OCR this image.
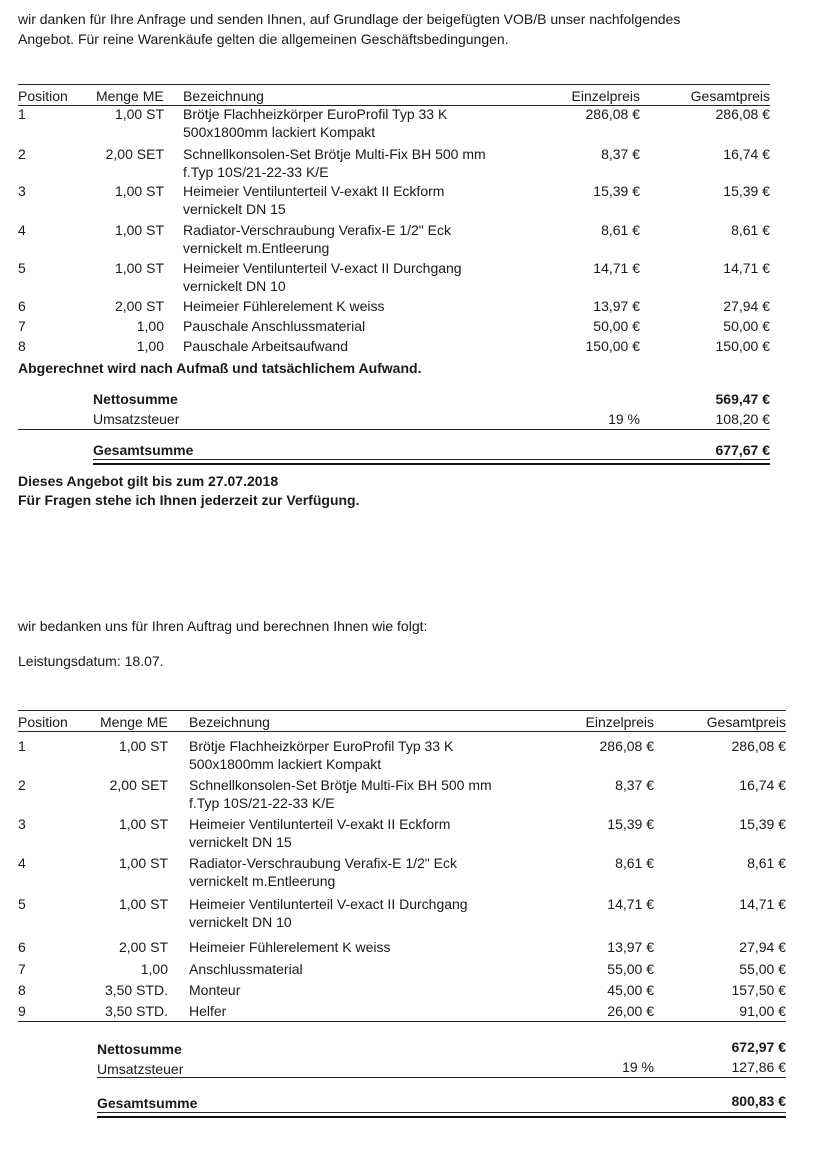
wir danken für Ihre Anfrage und senden Ihnen, auf Grundlage der beigefügten VOB/B unser nachfolgendes
Angebot. Für reine Warenkäufe gelten die allgemeinen Geschäftsbedingungen.
Position Menge ME Bezeichnung	Einzelpreis	Gesamtpreis
1	1,00 ST Brötje Flachheizkörper EuroProfil Typ 33 K
500x1800mm lackiert Kompakt
286,08 €	286,08 €
2	2,00 SET Schnellkonsolen-Set Brötje Multi-Fix BH 500 mm
f.Typ 10S/21-22-33 K/E
8,37 €	16,74 €
3	1,00 ST Heimeier Ventilunterteil V-exakt II Eckform
vernickelt DN 15
15,39 €	15,39 €
4	1,00 ST Radiator-Verschraubung Verafix-E 1/2" Eck
vernickelt m.Entleerung
8,61 €	8,61 €
5	1,00 ST Heimeier Ventilunterteil V-exact II Durchgang
vernickelt DN 10
14,71 €	14,71 €
6	2,00 ST Heimeier Fühlerelement K weiss	13,97 €	27,94 €
7	1,00 Pauschale Anschlussmaterial	50,00 €	50,00 €
8	1,00 Pauschale Arbeitsaufwand	150,00 €	150,00 €
Abgerechnet wird nach Aufmaß und tatsächlichem Aufwand.
Nettosumme	569,47 €
Umsatzsteuer	19 %	108,20 €
Gesamtsumme	677,67 €
Dieses Angebot gilt bis zum 27.07.2018
Für Fragen stehe ich Ihnen jederzeit zur Verfügung.
wir bedanken uns für Ihren Auftrag und berechnen Ihnen wie folgt:
Leistungsdatum: 18.07.
Position Menge ME Bezeichnung	Einzelpreis	Gesamtpreis
1	1,00 ST Brötje Flachheizkörper EuroProfil Typ 33 K
500x1800mm lackiert Kompakt
286,08 €	286,08 €
2	2,00 SET Schnellkonsolen-Set Brötje Multi-Fix BH 500 mm
f.Typ 10S/21-22-33 K/E
8,37 €	16,74 €
3	1,00 ST Heimeier Ventilunterteil V-exakt II Eckform
vernickelt DN 15
15,39 €	15,39 €
4	1,00 ST Radiator-Verschraubung Verafix-E 1/2" Eck
vernickelt m.Entleerung
8,61 €	8,61 €
5	1,00 ST Heimeier Ventilunterteil V-exact II Durchgang
vernickelt DN 10
14,71 €	14,71 €
6	2,00 ST Heimeier Fühlerelement K weiss	13,97 €	27,94 €
7	1,00 Anschlussmaterial	55,00 €	55,00 €
8	3,50 STD. Monteur	45,00 €	157,50 €
9	3,50 STD. Helfer	26,00 €	91,00 €
Nettosumme	672,97 €
Umsatzsteuer	19 %	127,86 €
Gesamtsumme	800,83 €
